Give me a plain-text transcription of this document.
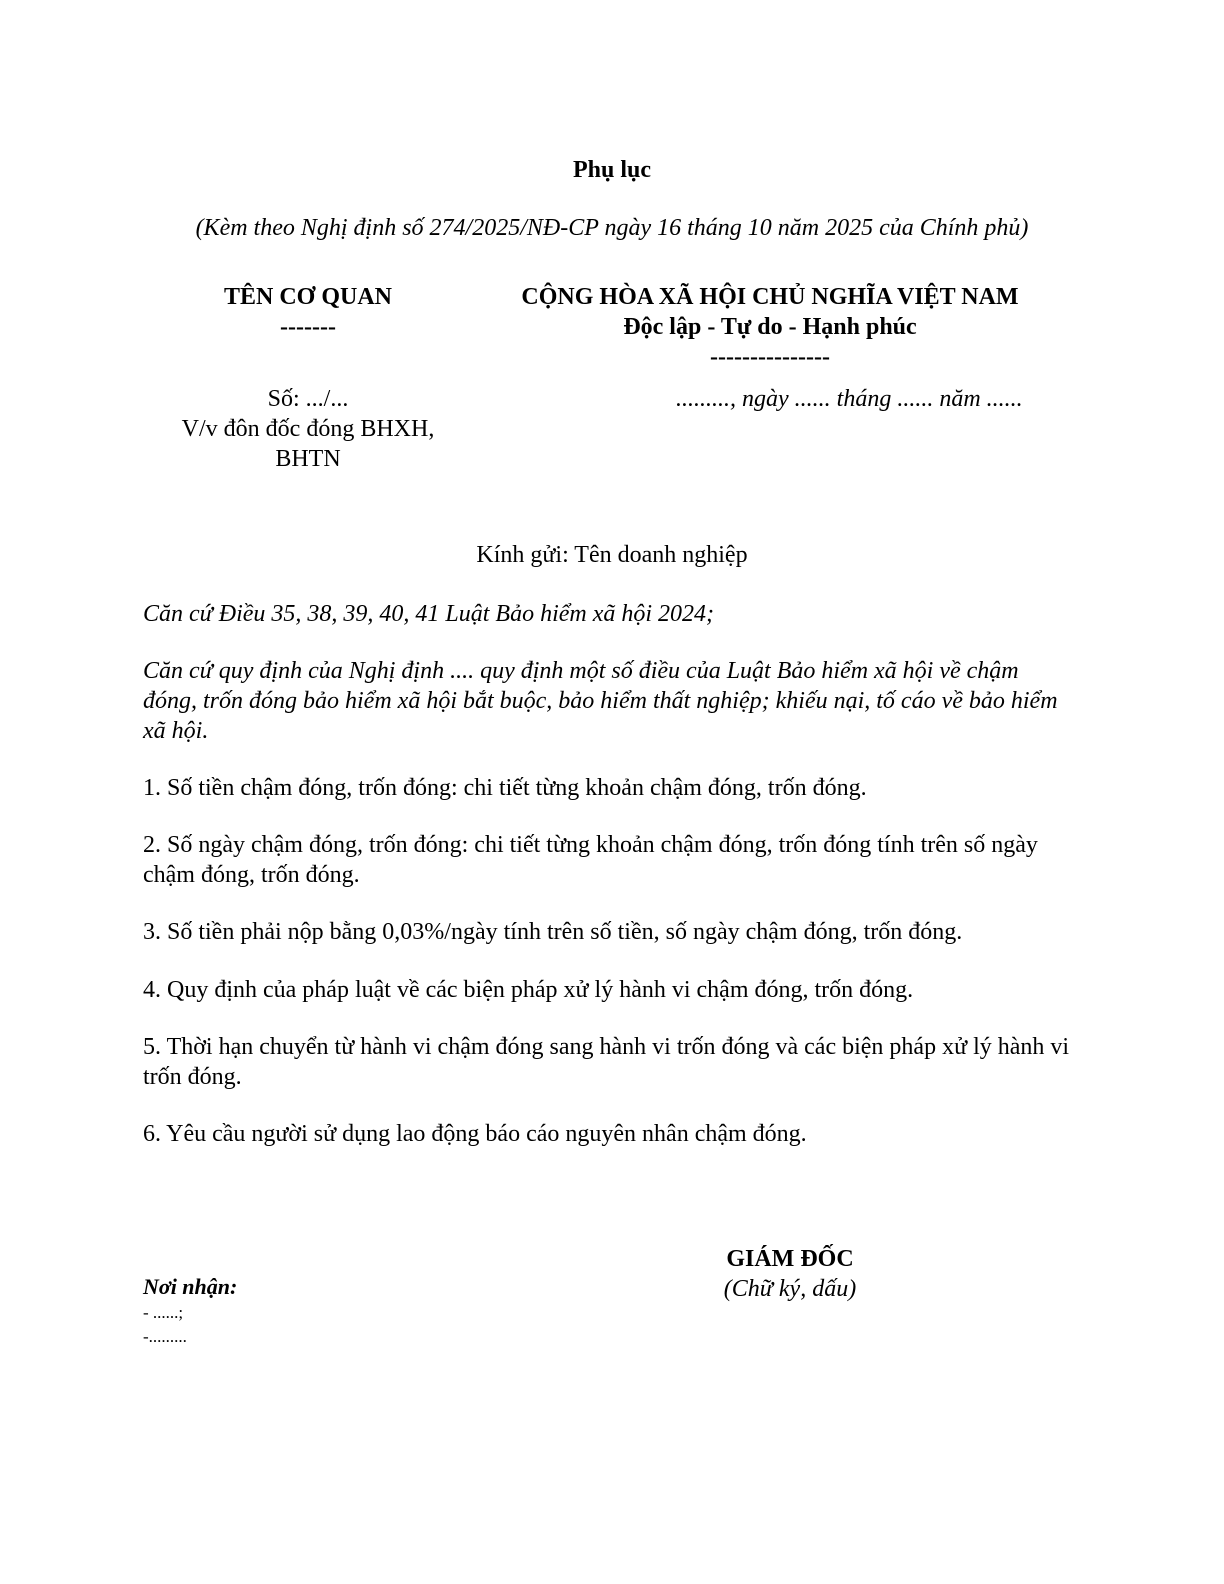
Phụ lục
(Kèm theo Nghị định số 274/2025/NĐ-CP ngày 16 tháng 10 năm 2025 của Chính phủ)
TÊN CƠ QUAN
-------
CỘNG HÒA XÃ HỘI CHỦ NGHĨA VIỆT NAM
Độc lập - Tự do - Hạnh phúc
---------------
Số: .../...
V/v đôn đốc đóng BHXH,
BHTN
........., ngày ...... tháng ...... năm ......
Kính gửi: Tên doanh nghiệp
Căn cứ Điều 35, 38, 39, 40, 41 Luật Bảo hiểm xã hội 2024;
Căn cứ quy định của Nghị định .... quy định một số điều của Luật Bảo hiểm xã hội về chậm đóng, trốn đóng bảo hiểm xã hội bắt buộc, bảo hiểm thất nghiệp; khiếu nại, tố cáo về bảo hiểm xã hội.
1. Số tiền chậm đóng, trốn đóng: chi tiết từng khoản chậm đóng, trốn đóng.
2. Số ngày chậm đóng, trốn đóng: chi tiết từng khoản chậm đóng, trốn đóng tính trên số ngày chậm đóng, trốn đóng.
3. Số tiền phải nộp bằng 0,03%/ngày tính trên số tiền, số ngày chậm đóng, trốn đóng.
4. Quy định của pháp luật về các biện pháp xử lý hành vi chậm đóng, trốn đóng.
5. Thời hạn chuyển từ hành vi chậm đóng sang hành vi trốn đóng và các biện pháp xử lý hành vi trốn đóng.
6. Yêu cầu người sử dụng lao động báo cáo nguyên nhân chậm đóng.
GIÁM ĐỐC
(Chữ ký, dấu)
Nơi nhận:
- ......;
-.........
